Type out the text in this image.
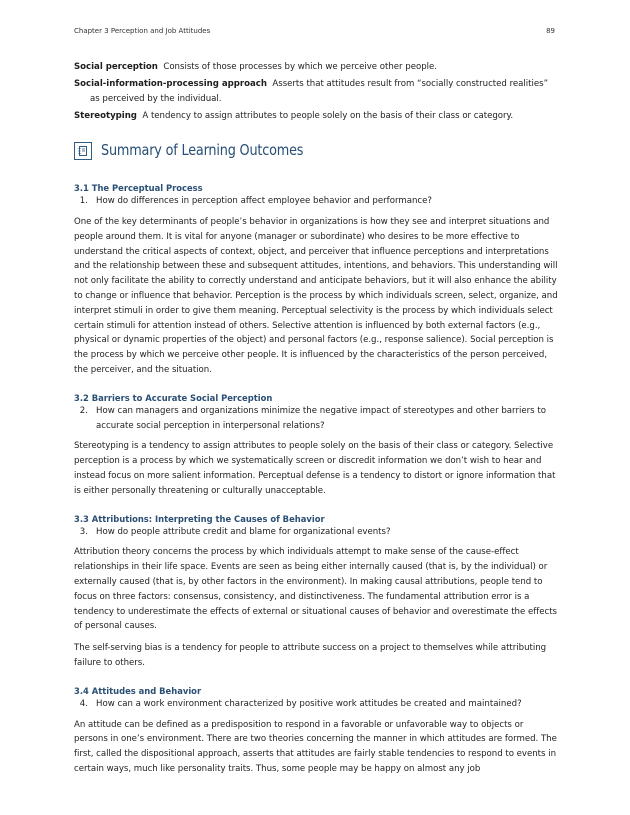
Chapter 3 Perception and Job Attitudes	89

Social perception Consists of those processes by which we perceive other people.

Social-information-processing approach Asserts that attitudes result from “socially constructed realities” as perceived by the individual.

Stereotyping A tendency to assign attributes to people solely on the basis of their class or category.

Summary of Learning Outcomes
3.1 The Perceptual Process
1. How do differences in perception affect employee behavior and performance?

One of the key determinants of people’s behavior in organizations is how they see and interpret situations and people around them. It is vital for anyone (manager or subordinate) who desires to be more effective to understand the critical aspects of context, object, and perceiver that influence perceptions and interpretations and the relationship between these and subsequent attitudes, intentions, and behaviors. This understanding will not only facilitate the ability to correctly understand and anticipate behaviors, but it will also enhance the ability to change or influence that behavior. Perception is the process by which individuals screen, select, organize, and interpret stimuli in order to give them meaning. Perceptual selectivity is the process by which individuals select certain stimuli for attention instead of others. Selective attention is influenced by both external factors (e.g., physical or dynamic properties of the object) and personal factors (e.g., response salience). Social perception is the process by which we perceive other people. It is influenced by the characteristics of the person perceived, the perceiver, and the situation.

3.2 Barriers to Accurate Social Perception
2. How can managers and organizations minimize the negative impact of stereotypes and other barriers to accurate social perception in interpersonal relations?

Stereotyping is a tendency to assign attributes to people solely on the basis of their class or category. Selective perception is a process by which we systematically screen or discredit information we don’t wish to hear and instead focus on more salient information. Perceptual defense is a tendency to distort or ignore information that is either personally threatening or culturally unacceptable.

3.3 Attributions: Interpreting the Causes of Behavior
3. How do people attribute credit and blame for organizational events?

Attribution theory concerns the process by which individuals attempt to make sense of the cause-effect relationships in their life space. Events are seen as being either internally caused (that is, by the individual) or externally caused (that is, by other factors in the environment). In making causal attributions, people tend to focus on three factors: consensus, consistency, and distinctiveness. The fundamental attribution error is a tendency to underestimate the effects of external or situational causes of behavior and overestimate the effects of personal causes.

The self-serving bias is a tendency for people to attribute success on a project to themselves while attributing failure to others.

3.4 Attitudes and Behavior
4. How can a work environment characterized by positive work attitudes be created and maintained?

An attitude can be defined as a predisposition to respond in a favorable or unfavorable way to objects or persons in one’s environment. There are two theories concerning the manner in which attitudes are formed. The first, called the dispositional approach, asserts that attitudes are fairly stable tendencies to respond to events in certain ways, much like personality traits. Thus, some people may be happy on almost any job
